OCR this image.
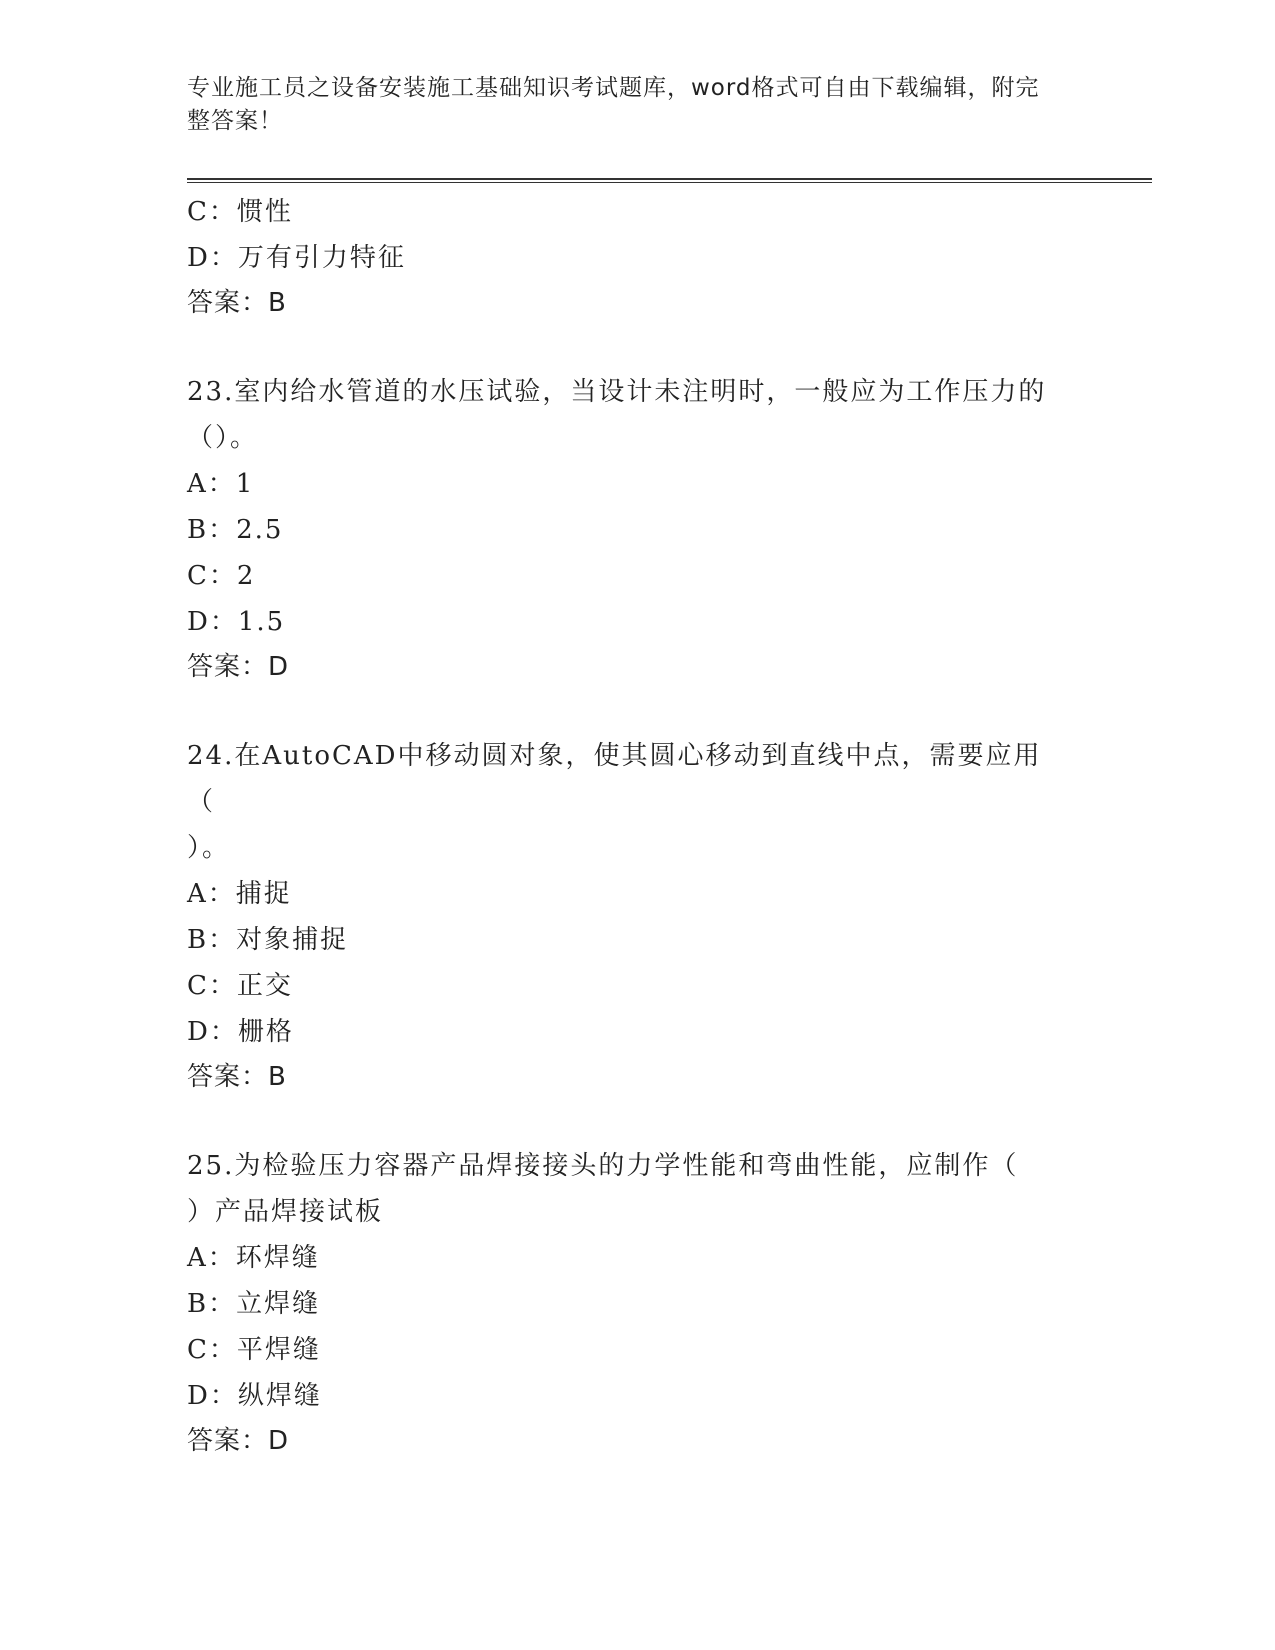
专业施工员之设备安装施工基础知识考试题库，word格式可自由下载编辑，附完
整答案！
C：惯性
D：万有引力特征
答案：B
23.室内给水管道的水压试验，当设计未注明时，一般应为工作压力的
（）。
A：1
B：2.5
C：2
D：1.5
答案：D
24.在AutoCAD中移动圆对象，使其圆心移动到直线中点，需要应用（
）。
A：捕捉
B：对象捕捉
C：正交
D：栅格
答案：B
25.为检验压力容器产品焊接接头的力学性能和弯曲性能，应制作（
）产品焊接试板
A：环焊缝
B：立焊缝
C：平焊缝
D：纵焊缝
答案：D
